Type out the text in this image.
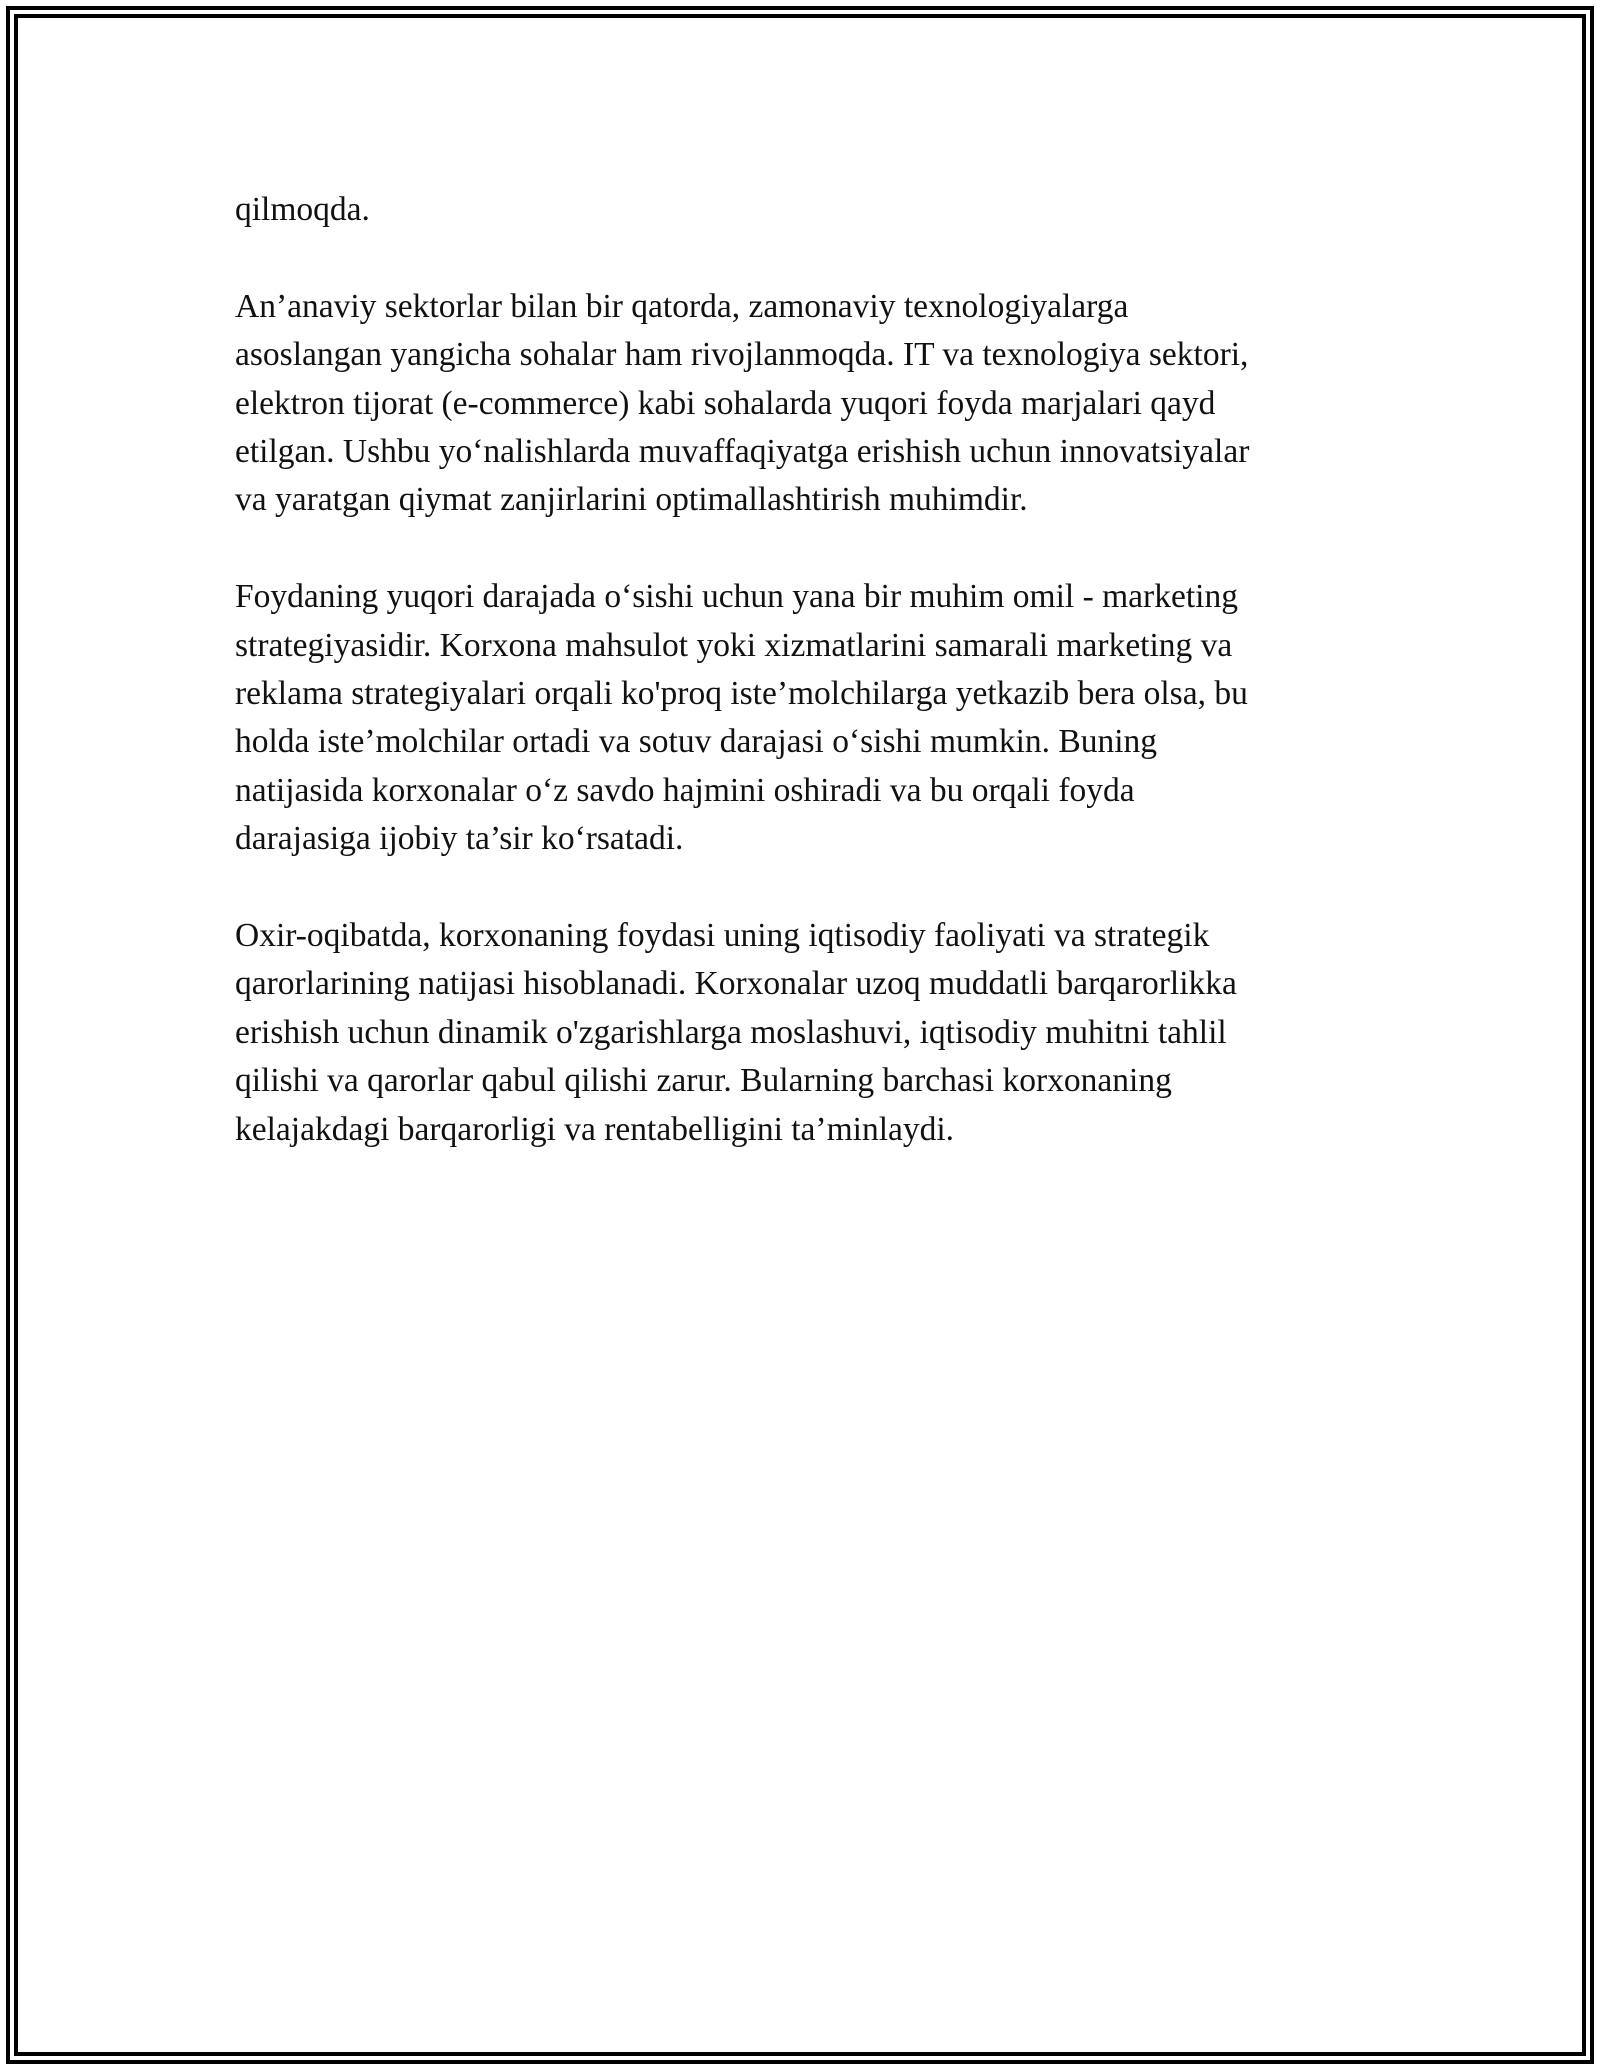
qilmoqda.

An’anaviy sektorlar bilan bir qatorda, zamonaviy texnologiyalarga
asoslangan yangicha sohalar ham rivojlanmoqda. IT va texnologiya sektori,
elektron tijorat (e-commerce) kabi sohalarda yuqori foyda marjalari qayd
etilgan. Ushbu yo‘nalishlarda muvaffaqiyatga erishish uchun innovatsiyalar
va yaratgan qiymat zanjirlarini optimallashtirish muhimdir.

Foydaning yuqori darajada o‘sishi uchun yana bir muhim omil - marketing
strategiyasidir. Korxona mahsulot yoki xizmatlarini samarali marketing va
reklama strategiyalari orqali ko'proq iste’molchilarga yetkazib bera olsa, bu
holda iste’molchilar ortadi va sotuv darajasi o‘sishi mumkin. Buning
natijasida korxonalar o‘z savdo hajmini oshiradi va bu orqali foyda
darajasiga ijobiy ta’sir ko‘rsatadi.

Oxir-oqibatda, korxonaning foydasi uning iqtisodiy faoliyati va strategik
qarorlarining natijasi hisoblanadi. Korxonalar uzoq muddatli barqarorlikka
erishish uchun dinamik o'zgarishlarga moslashuvi, iqtisodiy muhitni tahlil
qilishi va qarorlar qabul qilishi zarur. Bularning barchasi korxonaning
kelajakdagi barqarorligi va rentabelligini ta’minlaydi.
